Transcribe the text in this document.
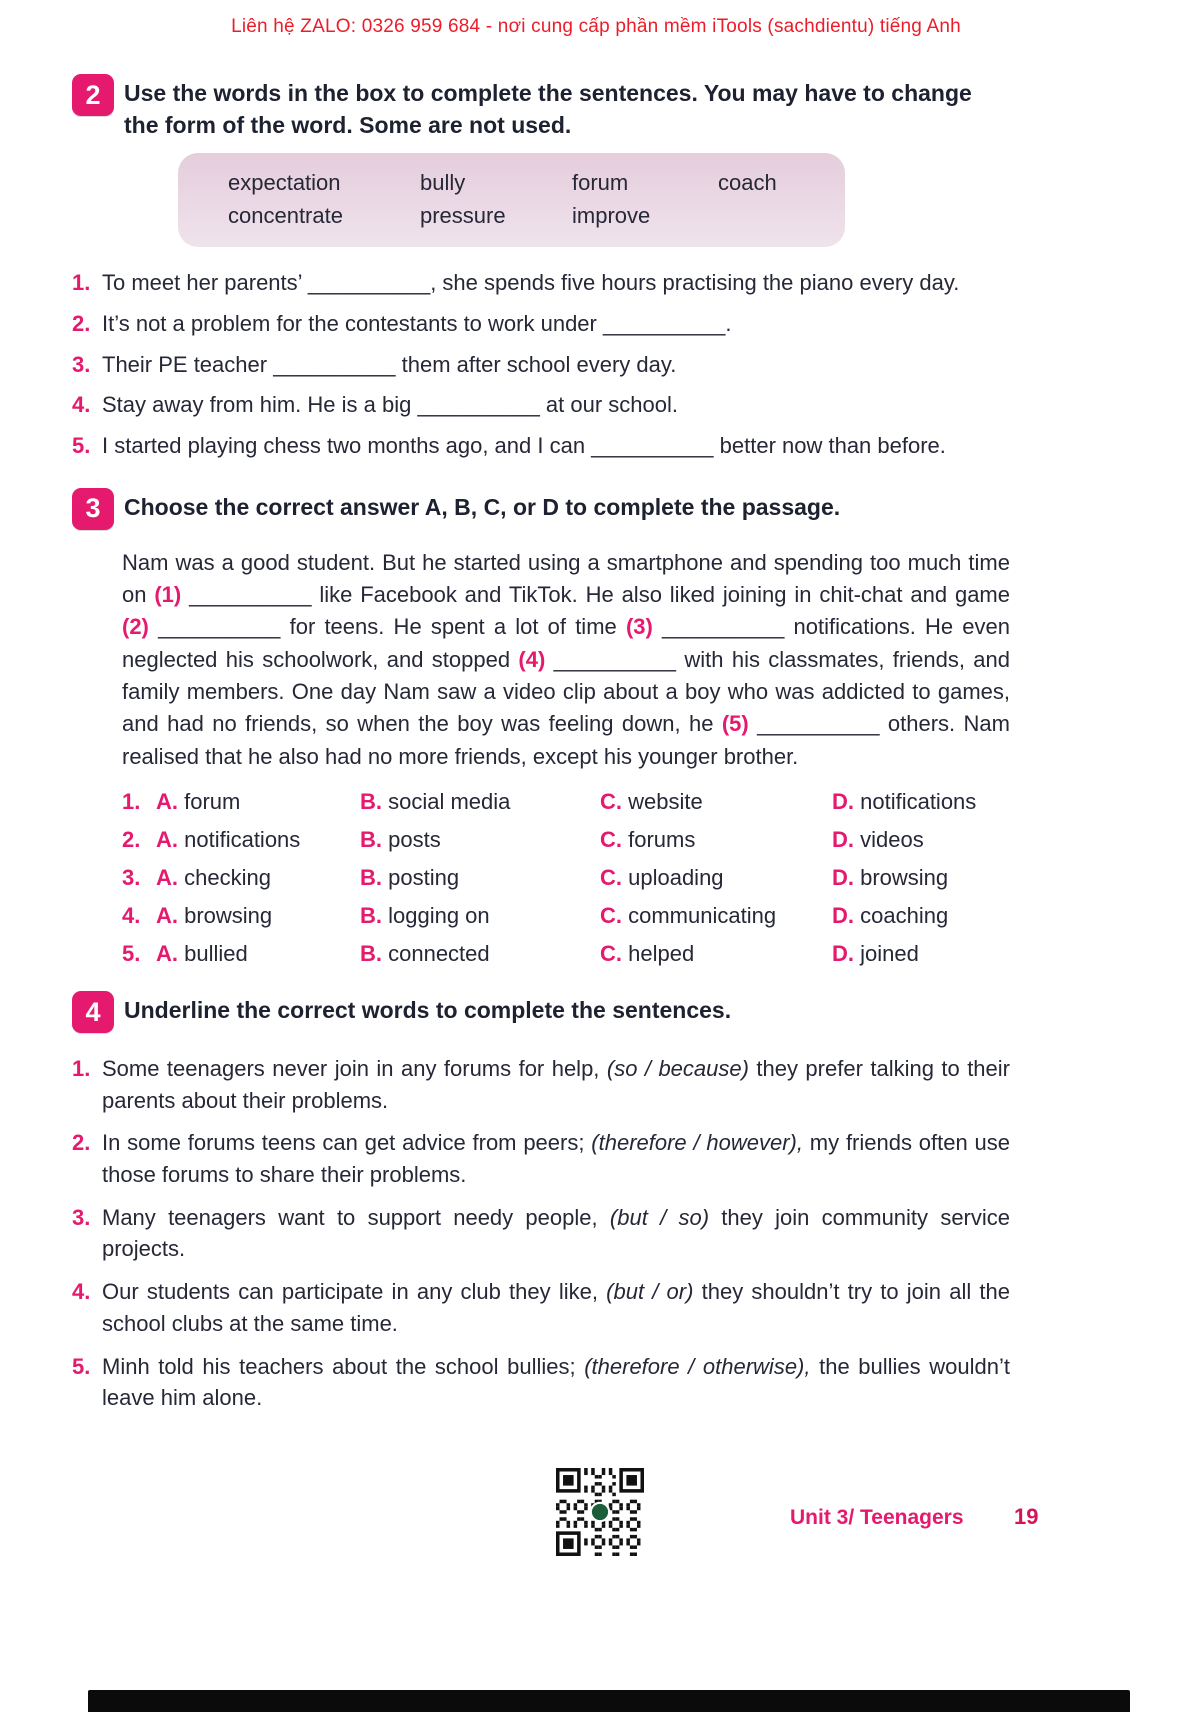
Liên hệ ZALO: 0326 959 684 - nơi cung cấp phần mềm iTools (sachdientu) tiếng Anh
2	Use the words in the box to complete the sentences. You may have to change the form of the word. Some are not used.
expectation	bully	forum	coach
concentrate	pressure	improve
1. To meet her parents’ __________, she spends five hours practising the piano every day.
2. It’s not a problem for the contestants to work under __________.
3. Their PE teacher __________ them after school every day.
4. Stay away from him. He is a big __________ at our school.
5. I started playing chess two months ago, and I can __________ better now than before.
3	Choose the correct answer A, B, C, or D to complete the passage.

Nam was a good student. But he started using a smartphone and spending too much time on (1) __________ like Facebook and TikTok. He also liked joining in chit-chat and game (2) __________ for teens. He spent a lot of time (3) __________ notifications. He even neglected his schoolwork, and stopped (4) __________ with his classmates, friends, and family members. One day Nam saw a video clip about a boy who was addicted to games, and had no friends, so when the boy was feeling down, he (5) __________ others. Nam realised that he also had no more friends, except his younger brother.

1. A. forum	B. social media	C. website	D. notifications
2. A. notifications	B. posts	C. forums	D. videos
3. A. checking	B. posting	C. uploading	D. browsing
4. A. browsing	B. logging on	C. communicating	D. coaching
5. A. bullied	B. connected	C. helped	D. joined
4	Underline the correct words to complete the sentences.
1. Some teenagers never join in any forums for help, (so / because) they prefer talking to their parents about their problems.
2. In some forums teens can get advice from peers; (therefore / however), my friends often use those forums to share their problems.
3. Many teenagers want to support needy people, (but / so) they join community service projects.
4. Our students can participate in any club they like, (but / or) they shouldn’t try to join all the school clubs at the same time.
5. Minh told his teachers about the school bullies; (therefore / otherwise), the bullies wouldn’t leave him alone.
Unit 3/ Teenagers 19
